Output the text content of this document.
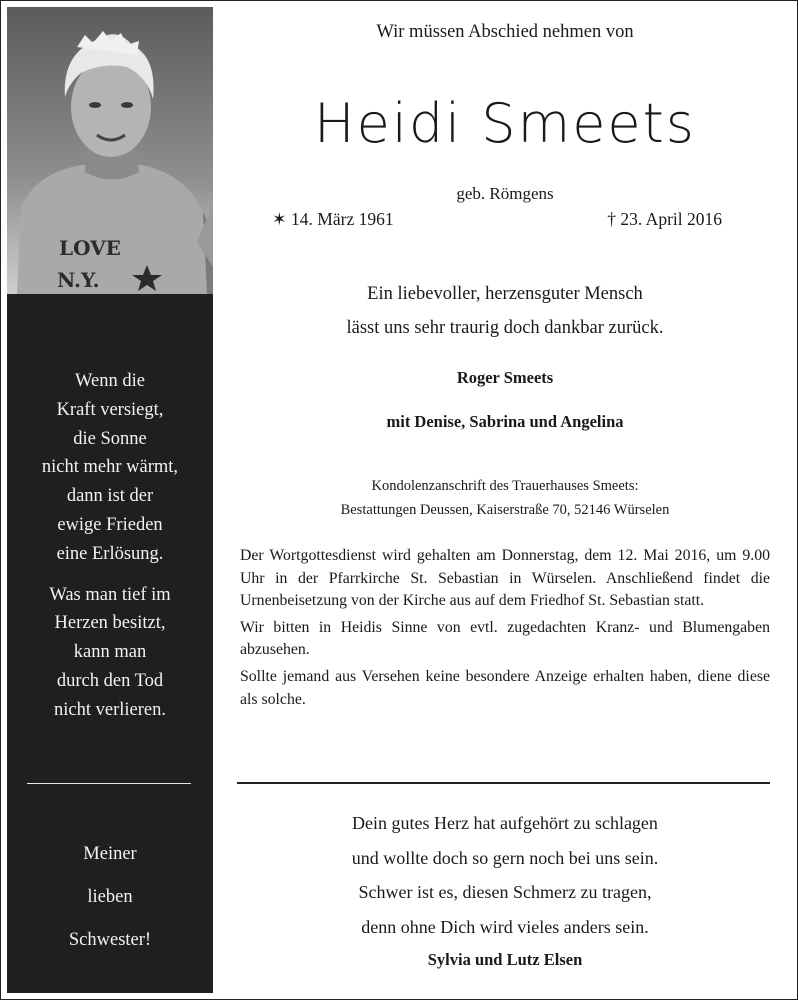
LOVE
N.Y.

Wenn die
Kraft versiegt,
die Sonne
nicht mehr wärmt,
dann ist der
ewige Frieden
eine Erlösung.

Was man tief im
Herzen besitzt,
kann man
durch den Tod
nicht verlieren.

Meiner
lieben
Schwester!
Wir müssen Abschied nehmen von
Heidi Smeets
geb. Römgens
✶ 14. März 1961	† 23. April 2016
Ein liebevoller, herzensguter Mensch
lässt uns sehr traurig doch dankbar zurück.
Roger Smeets
mit Denise, Sabrina und Angelina
Kondolenzanschrift des Trauerhauses Smeets:
Bestattungen Deussen, Kaiserstraße 70, 52146 Würselen

Der Wortgottesdienst wird gehalten am Donnerstag, dem 12. Mai 2016, um 9.00 Uhr in der Pfarrkirche St. Sebastian in Würselen. Anschließend findet die Urnenbeisetzung von der Kirche aus auf dem Friedhof St. Sebastian statt.

Wir bitten in Heidis Sinne von evtl. zugedachten Kranz- und Blumengaben abzusehen.

Sollte jemand aus Versehen keine besondere Anzeige erhalten haben, diene diese als solche.

Dein gutes Herz hat aufgehört zu schlagen
und wollte doch so gern noch bei uns sein.
Schwer ist es, diesen Schmerz zu tragen,
denn ohne Dich wird vieles anders sein.
Sylvia und Lutz Elsen
